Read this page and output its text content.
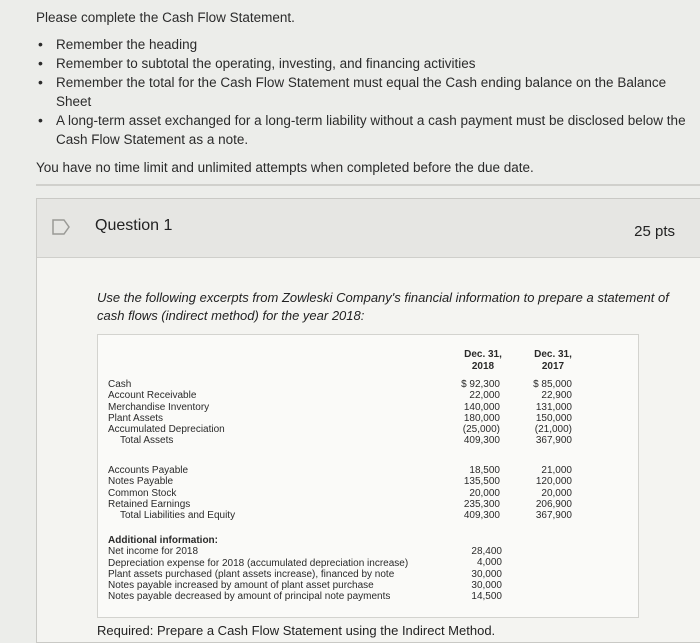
Please complete the Cash Flow Statement.

• Remember the heading
• Remember to subtotal the operating, investing, and financing activities
• Remember the total for the Cash Flow Statement must equal the Cash ending balance on the Balance Sheet
• A long-term asset exchanged for a long-term liability without a cash payment must be disclosed below the Cash Flow Statement as a note.

You have no time limit and unlimited attempts when completed before the due date.

Question 1	25 pts
Use the following excerpts from Zowleski Company's financial information to prepare a statement of cash flows (indirect method) for the year 2018:
Dec. 31,
2018
Dec. 31,
2017
Cash
Account Receivable
Merchandise Inventory
Plant Assets
Accumulated Depreciation
Total Assets
$ 92,300
22,000
140,000
180,000
(25,000)
409,300
$ 85,000
22,900
131,000
150,000
(21,000)
367,900
Accounts Payable
Notes Payable
Common Stock
Retained Earnings
Total Liabilities and Equity
18,500
135,500
20,000
235,300
409,300
21,000
120,000
20,000
206,900
367,900
Additional information:
Net income for 2018
Depreciation expense for 2018 (accumulated depreciation increase)
Plant assets purchased (plant assets increase), financed by note
Notes payable increased by amount of plant asset purchase
Notes payable decreased by amount of principal note payments
28,400
4,000
30,000
30,000
14,500
Required: Prepare a Cash Flow Statement using the Indirect Method.
